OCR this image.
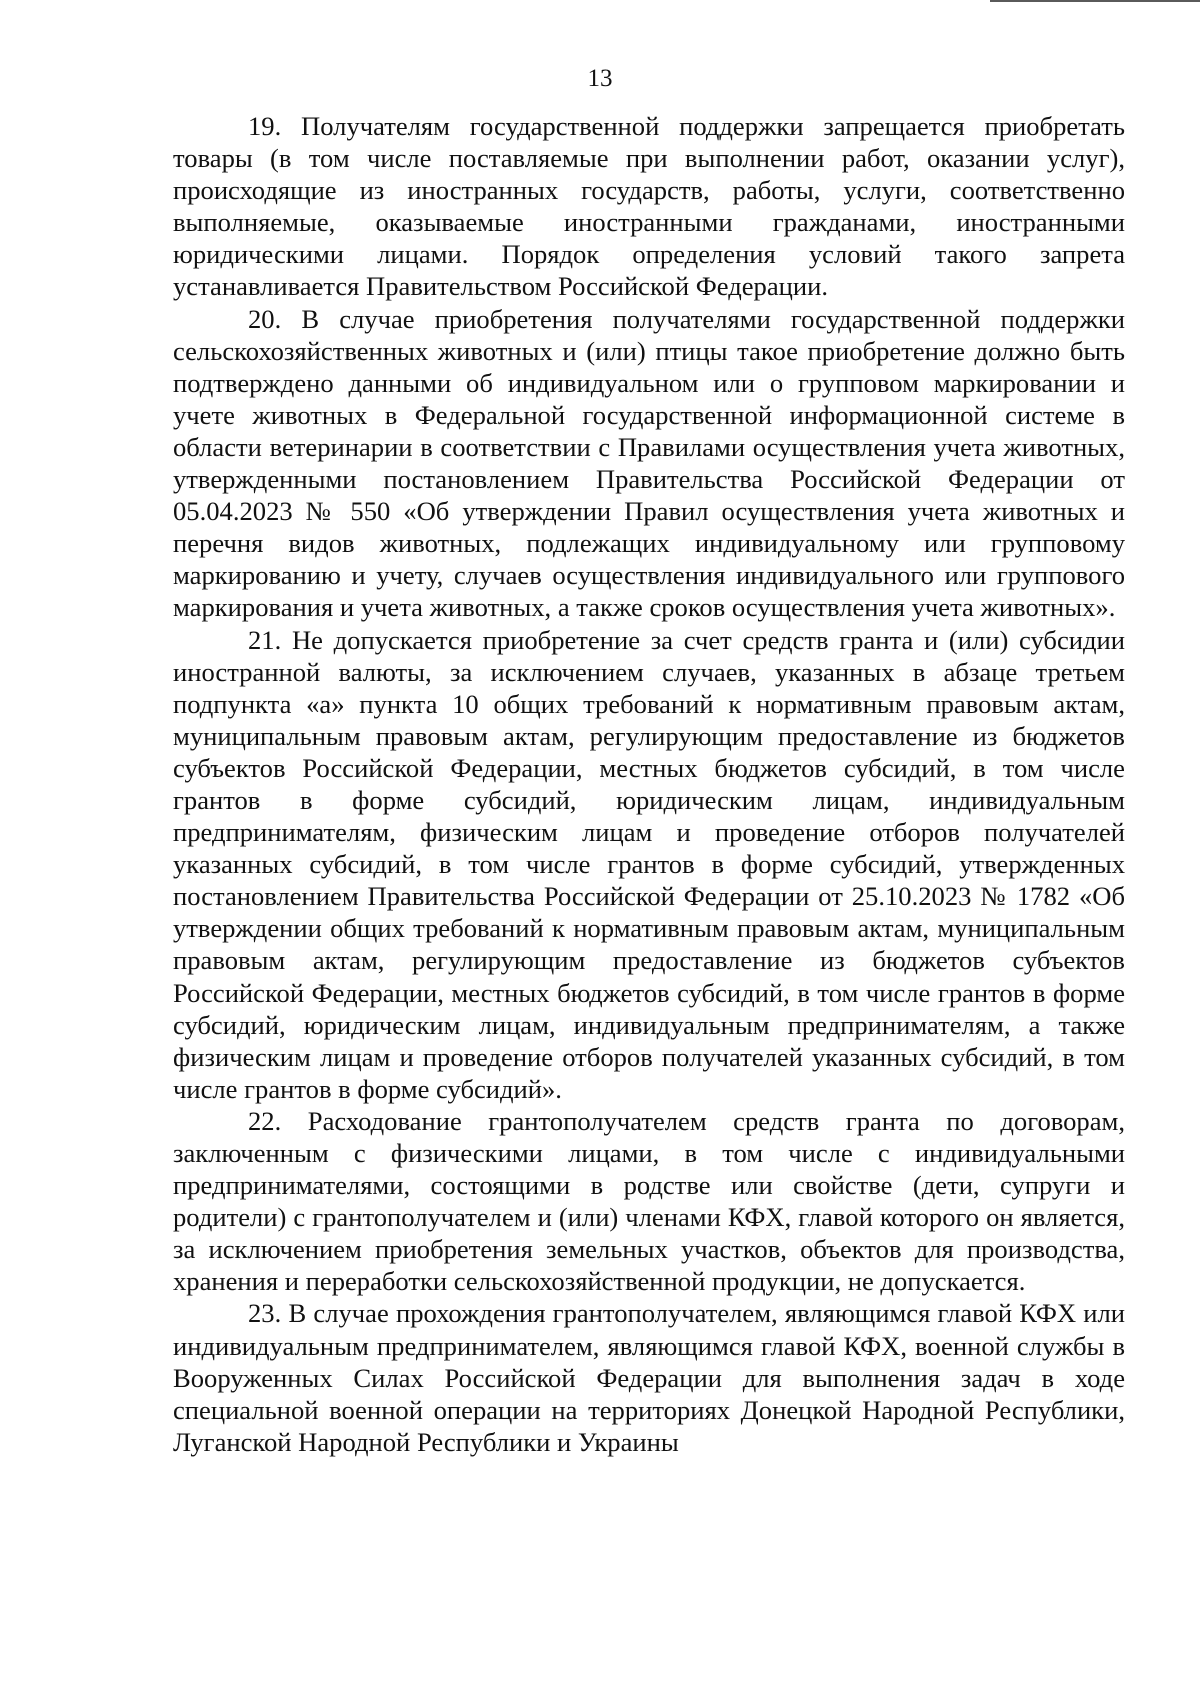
13

19. Получателям государственной поддержки запрещается приобретать товары (в том числе поставляемые при выполнении работ, оказании услуг), происходящие из иностранных государств, работы, услуги, соответственно выполняемые, оказываемые иностранными гражданами, иностранными юридическими лицами. Порядок определения условий такого запрета устанавливается Правительством Российской Федерации.

20. В случае приобретения получателями государственной поддержки сельскохозяйственных животных и (или) птицы такое приобретение должно быть подтверждено данными об индивидуальном или о групповом маркировании и учете животных в Федеральной государственной информационной системе в области ветеринарии в соответствии с Правилами осуществления учета животных, утвержденными постановлением Правительства Российской Федерации от 05.04.2023 № 550 «Об утверждении Правил осуществления учета животных и перечня видов животных, подлежащих индивидуальному или групповому маркированию и учету, случаев осуществления индивидуального или группового маркирования и учета животных, а также сроков осуществления учета животных».

21. Не допускается приобретение за счет средств гранта и (или) субсидии иностранной валюты, за исключением случаев, указанных в абзаце третьем подпункта «а» пункта 10 общих требований к нормативным правовым актам, муниципальным правовым актам, регулирующим предоставление из бюджетов субъектов Российской Федерации, местных бюджетов субсидий, в том числе грантов в форме субсидий, юридическим лицам, индивидуальным предпринимателям, физическим лицам и проведение отборов получателей указанных субсидий, в том числе грантов в форме субсидий, утвержденных постановлением Правительства Российской Федерации от 25.10.2023 № 1782 «Об утверждении общих требований к нормативным правовым актам, муниципальным правовым актам, регулирующим предоставление из бюджетов субъектов Российской Федерации, местных бюджетов субсидий, в том числе грантов в форме субсидий, юридическим лицам, индивидуальным предпринимателям, а также физическим лицам и проведение отборов получателей указанных субсидий, в том числе грантов в форме субсидий».

22. Расходование грантополучателем средств гранта по договорам, заключенным с физическими лицами, в том числе с индивидуальными предпринимателями, состоящими в родстве или свойстве (дети, супруги и родители) с грантополучателем и (или) членами КФХ, главой которого он является, за исключением приобретения земельных участков, объектов для производства, хранения и переработки сельскохозяйственной продукции, не допускается.

23. В случае прохождения грантополучателем, являющимся главой КФХ или индивидуальным предпринимателем, являющимся главой КФХ, военной службы в Вооруженных Силах Российской Федерации для выполнения задач в ходе специальной военной операции на территориях Донецкой Народной Республики, Луганской Народной Республики и Украины
